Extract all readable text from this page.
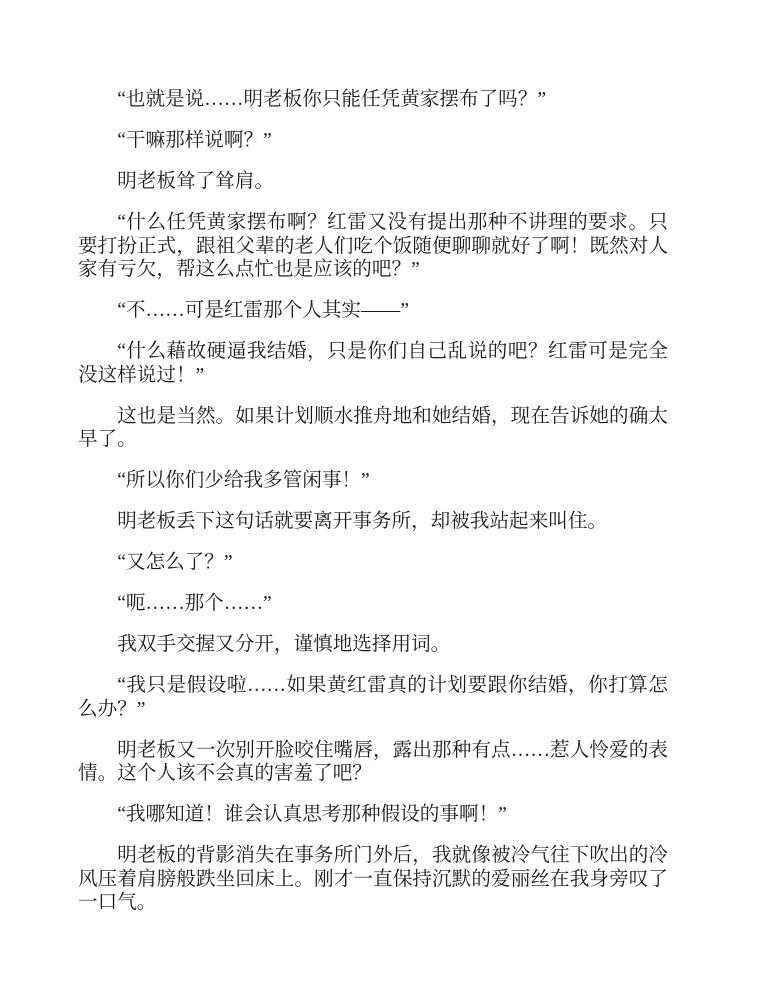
“也就是说……明老板你只能任凭黄家摆布了吗？”

“干嘛那样说啊？”

明老板耸了耸肩。

“什么任凭黄家摆布啊？红雷又没有提出那种不讲理的要求。只要打扮正式，跟祖父辈的老人们吃个饭随便聊聊就好了啊！既然对人家有亏欠，帮这么点忙也是应该的吧？”

“不……可是红雷那个人其实——”

“什么藉故硬逼我结婚，只是你们自己乱说的吧？红雷可是完全没这样说过！”

这也是当然。如果计划顺水推舟地和她结婚，现在告诉她的确太早了。

“所以你们少给我多管闲事！”

明老板丢下这句话就要离开事务所，却被我站起来叫住。

“又怎么了？”

“呃……那个……”

我双手交握又分开，谨慎地选择用词。

“我只是假设啦……如果黄红雷真的计划要跟你结婚，你打算怎么办？”

明老板又一次别开脸咬住嘴唇，露出那种有点……惹人怜爱的表情。这个人该不会真的害羞了吧？

“我哪知道！谁会认真思考那种假设的事啊！”

明老板的背影消失在事务所门外后，我就像被冷气往下吹出的冷风压着肩膀般跌坐回床上。刚才一直保持沉默的爱丽丝在我身旁叹了一口气。
